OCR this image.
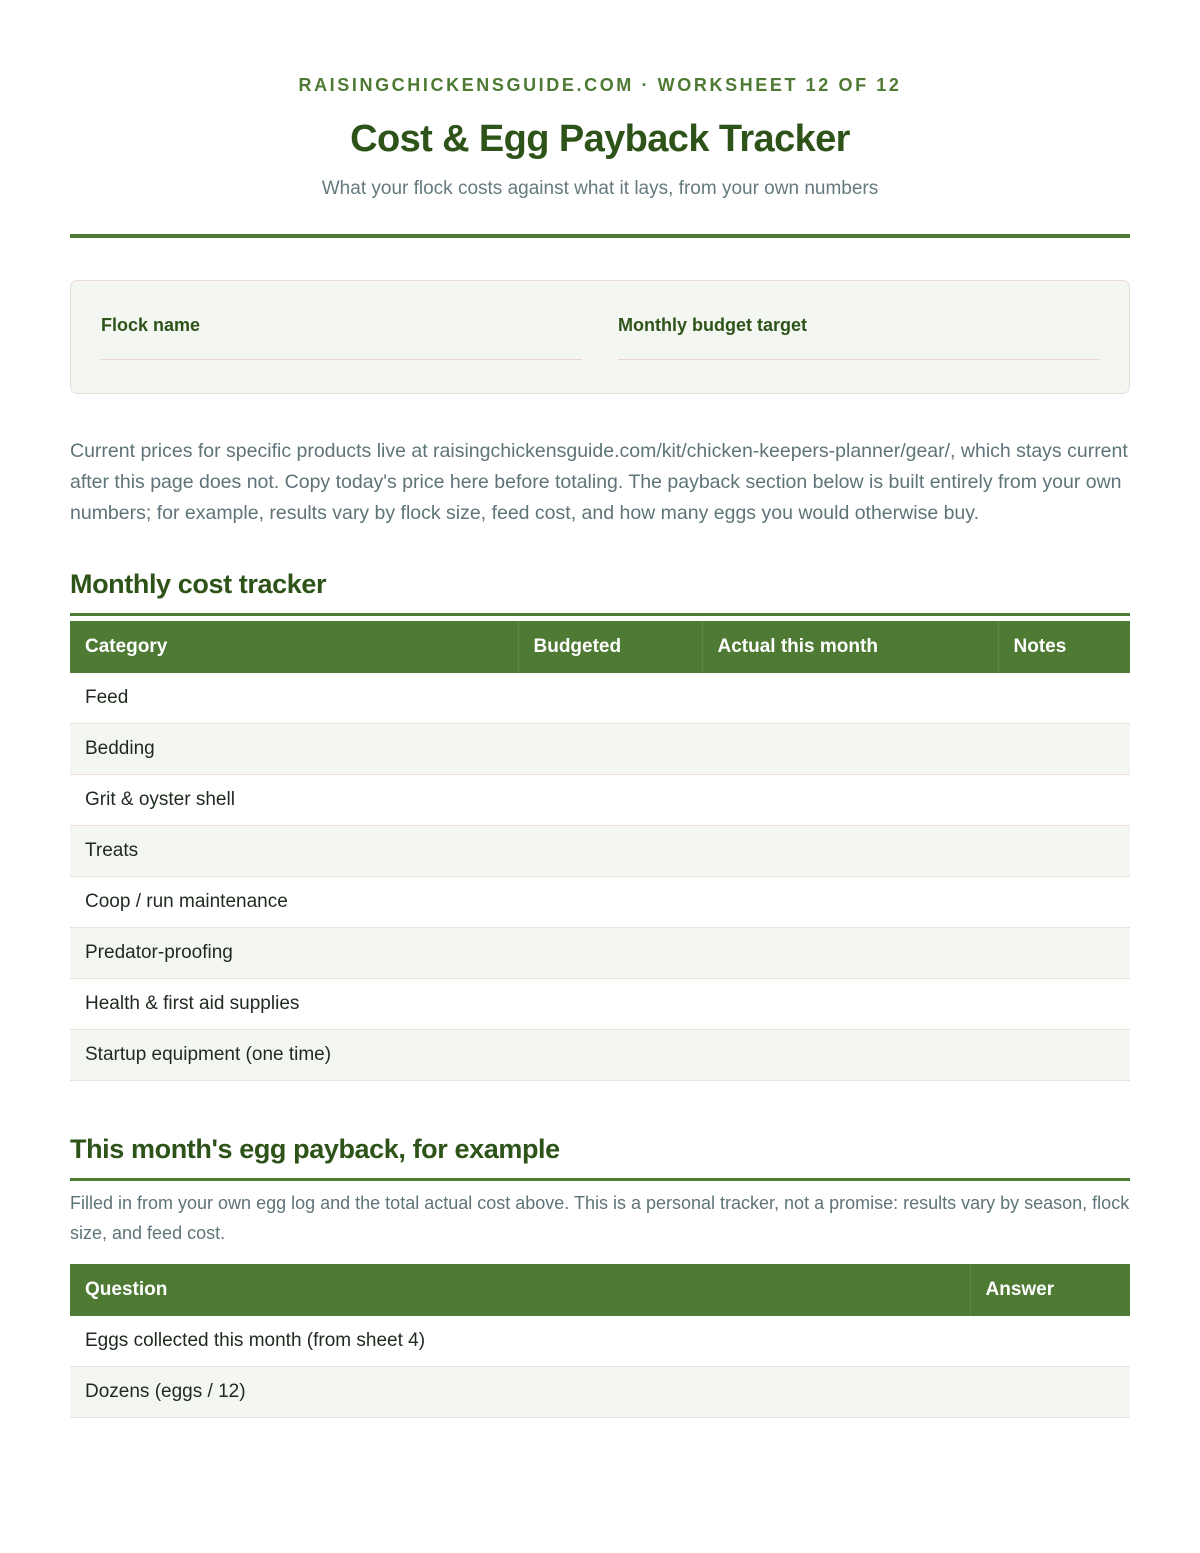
RAISINGCHICKENSGUIDE.COM · WORKSHEET 12 OF 12

Cost & Egg Payback Tracker

What your flock costs against what it lays, from your own numbers

Flock name	Monthly budget target

Current prices for specific products live at raisingchickensguide.com/kit/chicken-keepers-planner/gear/, which stays current after this page does not. Copy today's price here before totaling. The payback section below is built entirely from your own numbers; for example, results vary by flock size, feed cost, and how many eggs you would otherwise buy.

Monthly cost tracker
Category	Budgeted	Actual this month	Notes
Feed			
Bedding			
Grit & oyster shell			
Treats			
Coop / run maintenance			
Predator-proofing			
Health & first aid supplies			
Startup equipment (one time)			
This month's egg payback, for example

Filled in from your own egg log and the total actual cost above. This is a personal tracker, not a promise: results vary by season, flock size, and feed cost.

Question	Answer
Eggs collected this month (from sheet 4)	
Dozens (eggs / 12)	
